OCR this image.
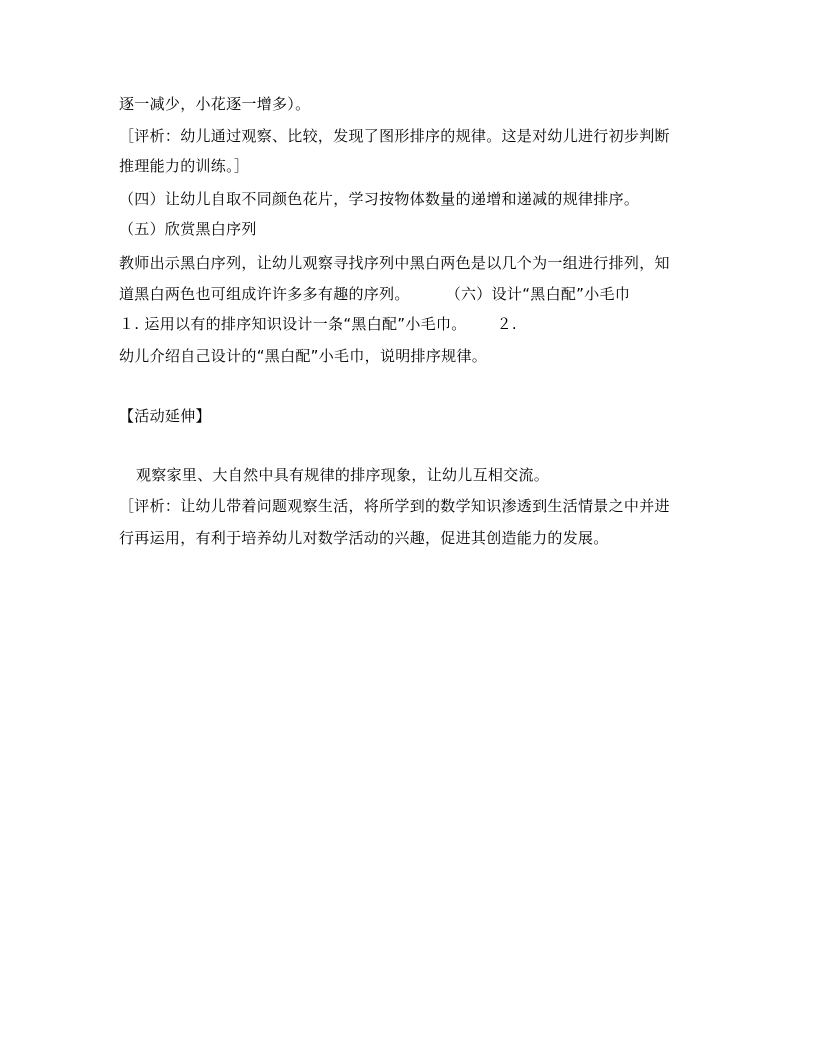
逐一减少，小花逐一增多）。
［评析：幼儿通过观察、比较，发现了图形排序的规律。这是对幼儿进行初步判断
推理能力的训练。］
（四）让幼儿自取不同颜色花片，学习按物体数量的递增和递减的规律排序。
（五）欣赏黑白序列
教师出示黑白序列，让幼儿观察寻找序列中黑白两色是以几个为一组进行排列，知
道黑白两色也可组成许许多多有趣的序列。 （六）设计“黑白配”小毛巾
１. 运用以有的排序知识设计一条“黑白配”小毛巾。 ２.
幼儿介绍自己设计的“黑白配”小毛巾，说明排序规律。
【活动延伸】
观察家里、大自然中具有规律的排序现象，让幼儿互相交流。
［评析：让幼儿带着问题观察生活，将所学到的数学知识渗透到生活情景之中并进
行再运用，有利于培养幼儿对数学活动的兴趣，促进其创造能力的发展。
